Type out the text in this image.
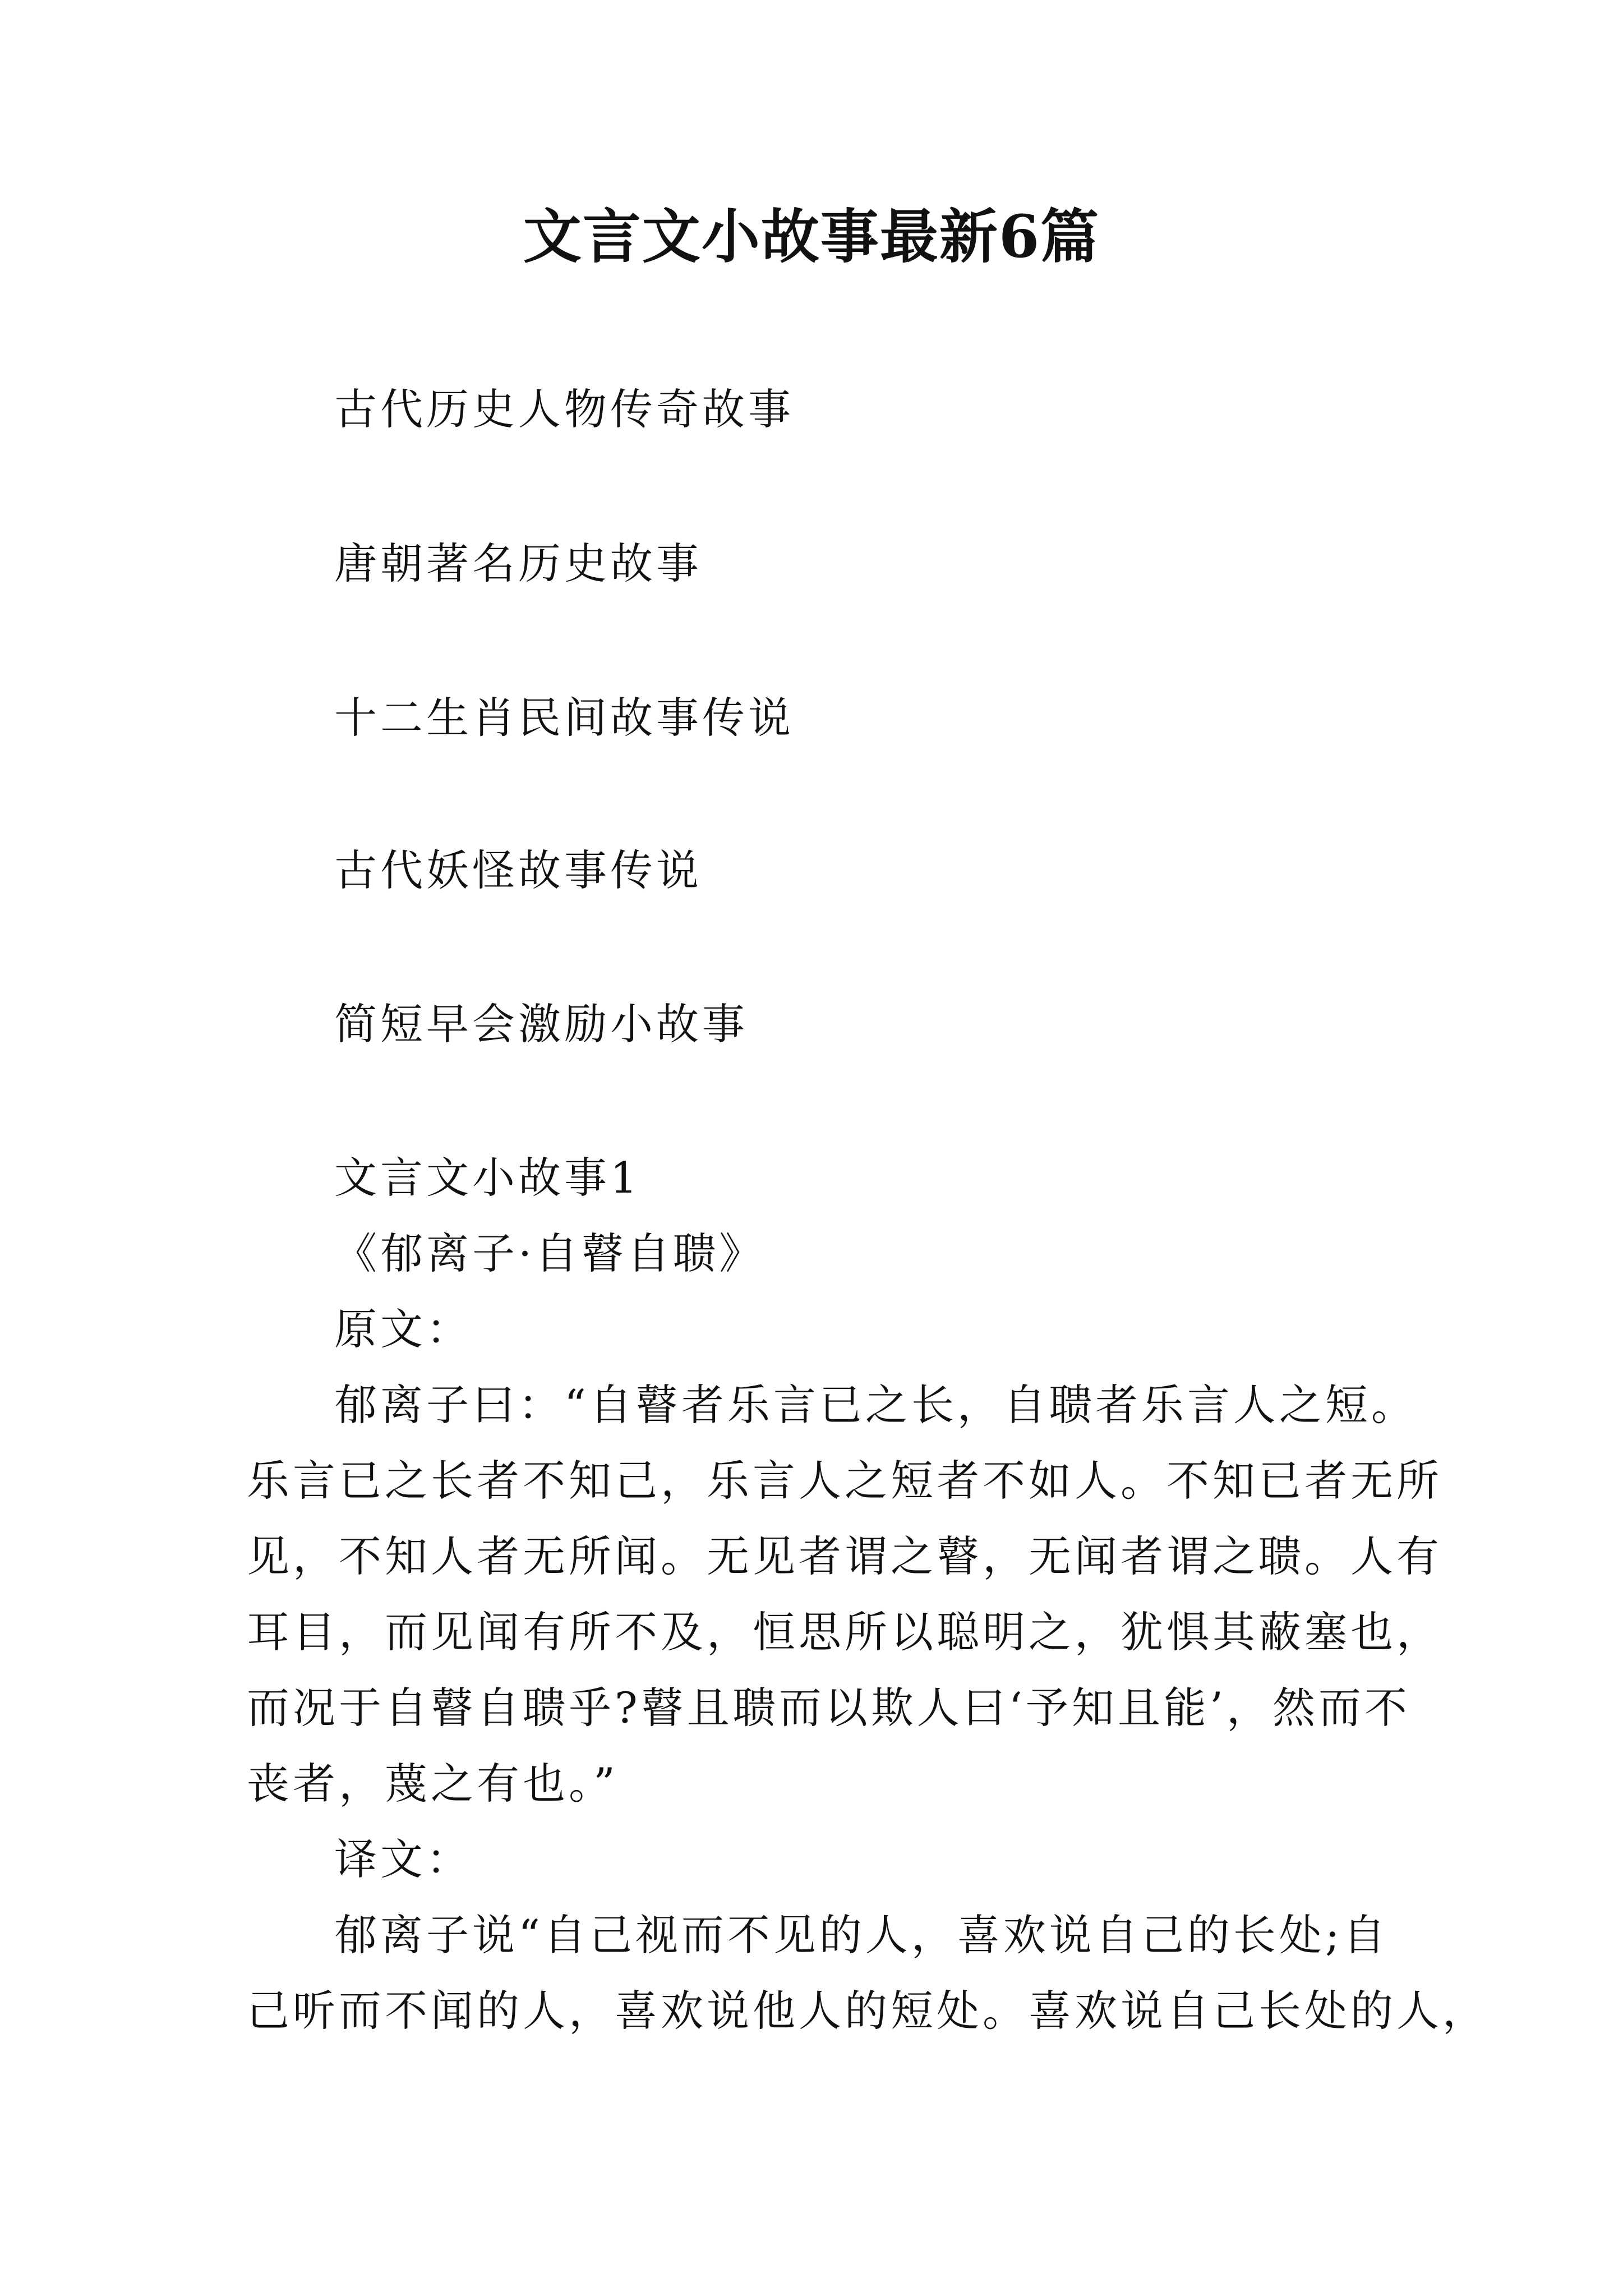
文言文小故事最新6篇
古代历史人物传奇故事
唐朝著名历史故事
十二生肖民间故事传说
古代妖怪故事传说
简短早会激励小故事
文言文小故事1
《郁离子·自瞽自聩》
原文：
郁离子曰：“自瞽者乐言已之长，自聩者乐言人之短。
乐言已之长者不知己，乐言人之短者不如人。不知已者无所
见，不知人者无所闻。无见者谓之瞽，无闻者谓之聩。人有
耳目，而见闻有所不及，恒思所以聪明之，犹惧其蔽塞也，
而况于自瞽自聩乎?瞽且聩而以欺人曰‘予知且能’，然而不
丧者，蔑之有也。”
译文：
郁离子说“自己视而不见的人，喜欢说自己的长处;自
己听而不闻的人，喜欢说他人的短处。喜欢说自己长处的人，
